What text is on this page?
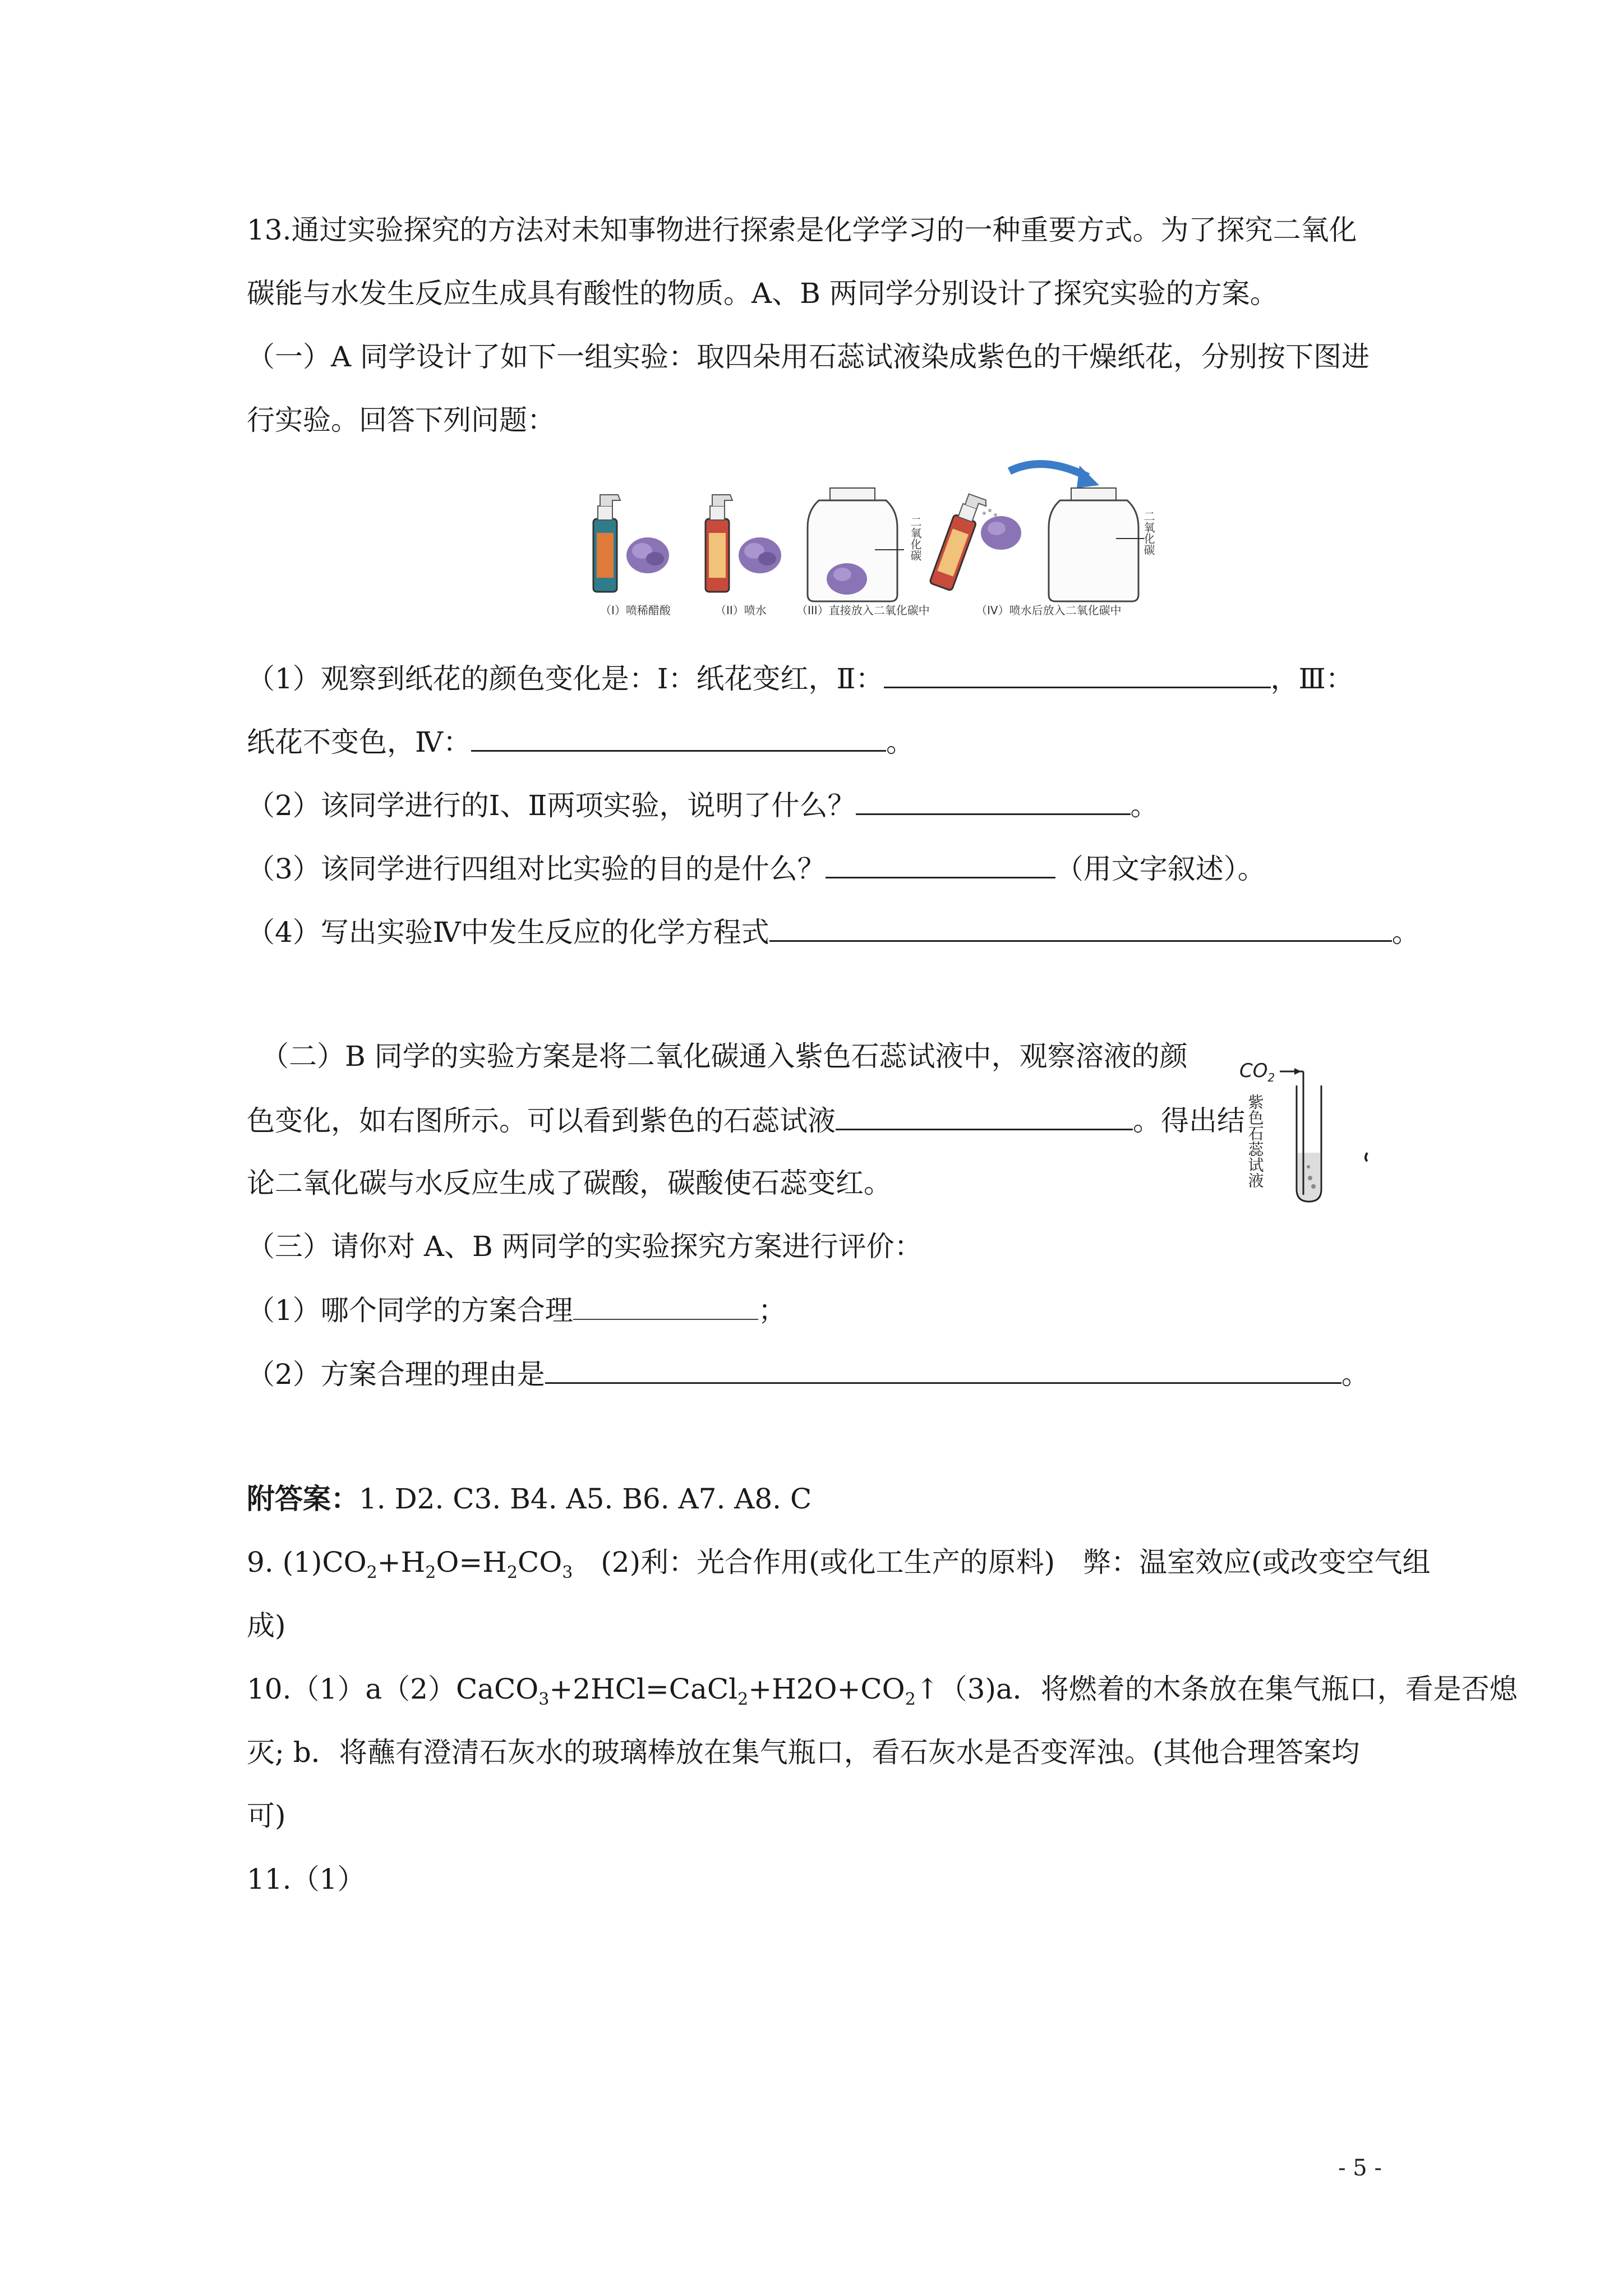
13.通过实验探究的方法对未知事物进行探索是化学学习的一种重要方式。为了探究二氧化
碳能与水发生反应生成具有酸性的物质。A、B 两同学分别设计了探究实验的方案。
（一）A 同学设计了如下一组实验：取四朵用石蕊试液染成紫色的干燥纸花，分别按下图进
行实验。回答下列问题：
二氧化碳	二氧化碳
（I）喷稀醋酸	（II）喷水	（III）直接放入二氧化碳中	（IV）喷水后放入二氧化碳中
（1）观察到纸花的颜色变化是：Ⅰ：纸花变红，Ⅱ：	，Ⅲ：
纸花不变色，Ⅳ：	。
（2）该同学进行的Ⅰ、Ⅱ两项实验，说明了什么？	。
（3）该同学进行四组对比实验的目的是什么？	（用文字叙述）。
（4）写出实验Ⅳ中发生反应的化学方程式	。
（二）B 同学的实验方案是将二氧化碳通入紫色石蕊试液中，观察溶液的颜
色变化，如右图所示。可以看到紫色的石蕊试液	。得出结
论二氧化碳与水反应生成了碳酸，碳酸使石蕊变红。
$CO_2$
紫色石蕊试液
（三）请你对 A、B 两同学的实验探究方案进行评价：
（1）哪个同学的方案合理	；
（2）方案合理的理由是	。
附答案：1. D2. C3. B4. A5. B6. A7. A8. C
9. $(1)CO_2+H_2O=H_2CO_3$　(2)利：光合作用(或化工生产的原料)　弊：温室效应(或改变空气组
成)
$10.(1)a(2)CaCO_3+2HCl=CaCl_2+H2O+CO_2↑(3)a$．将燃着的木条放在集气瓶口，看是否熄
灭; b．将蘸有澄清石灰水的玻璃棒放在集气瓶口，看石灰水是否变浑浊。(其他合理答案均
可)
11.（1）
- 5 -
